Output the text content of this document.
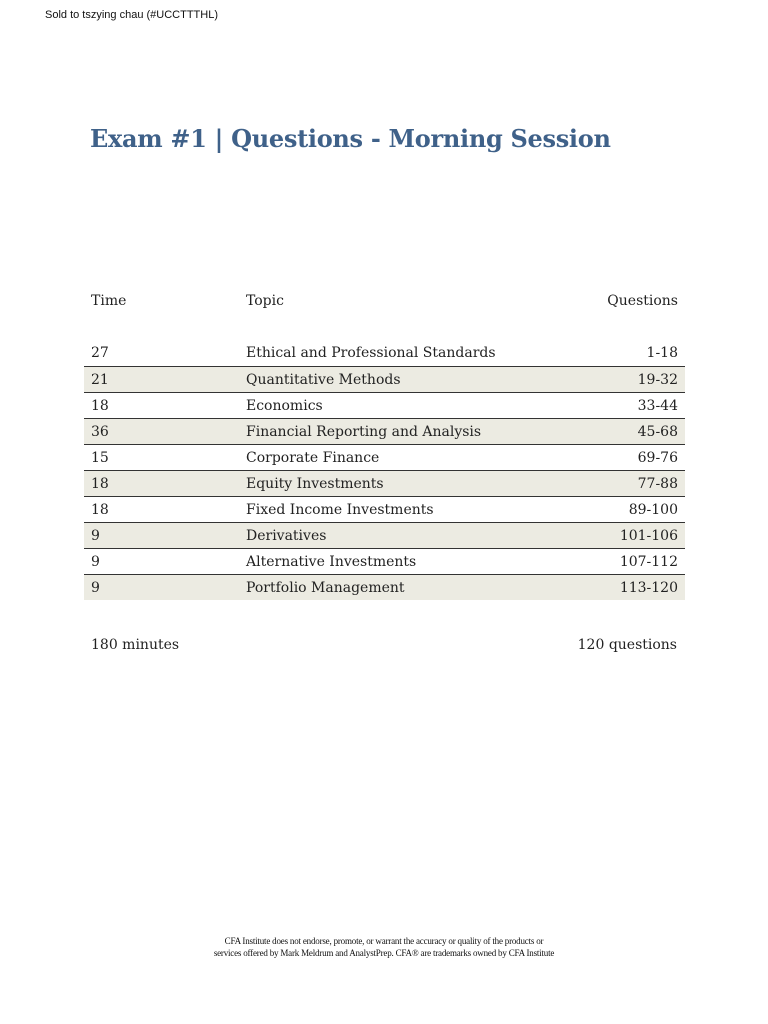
Sold to tszying chau (#UCCTTTHL)
Exam #1 | Questions - Morning Session
Time	Topic	Questions

27	Ethical and Professional Standards	1-18
21	Quantitative Methods	19-32
18	Economics	33-44
36	Financial Reporting and Analysis	45-68
15	Corporate Finance	69-76
18	Equity Investments	77-88
18	Fixed Income Investments	89-100
9	Derivatives	101-106
9	Alternative Investments	107-112
9	Portfolio Management	113-120
180 minutes	120 questions
CFA Institute does not endorse, promote, or warrant the accuracy or quality of the products or
services offered by Mark Meldrum and AnalystPrep. CFA® are trademarks owned by CFA Institute
